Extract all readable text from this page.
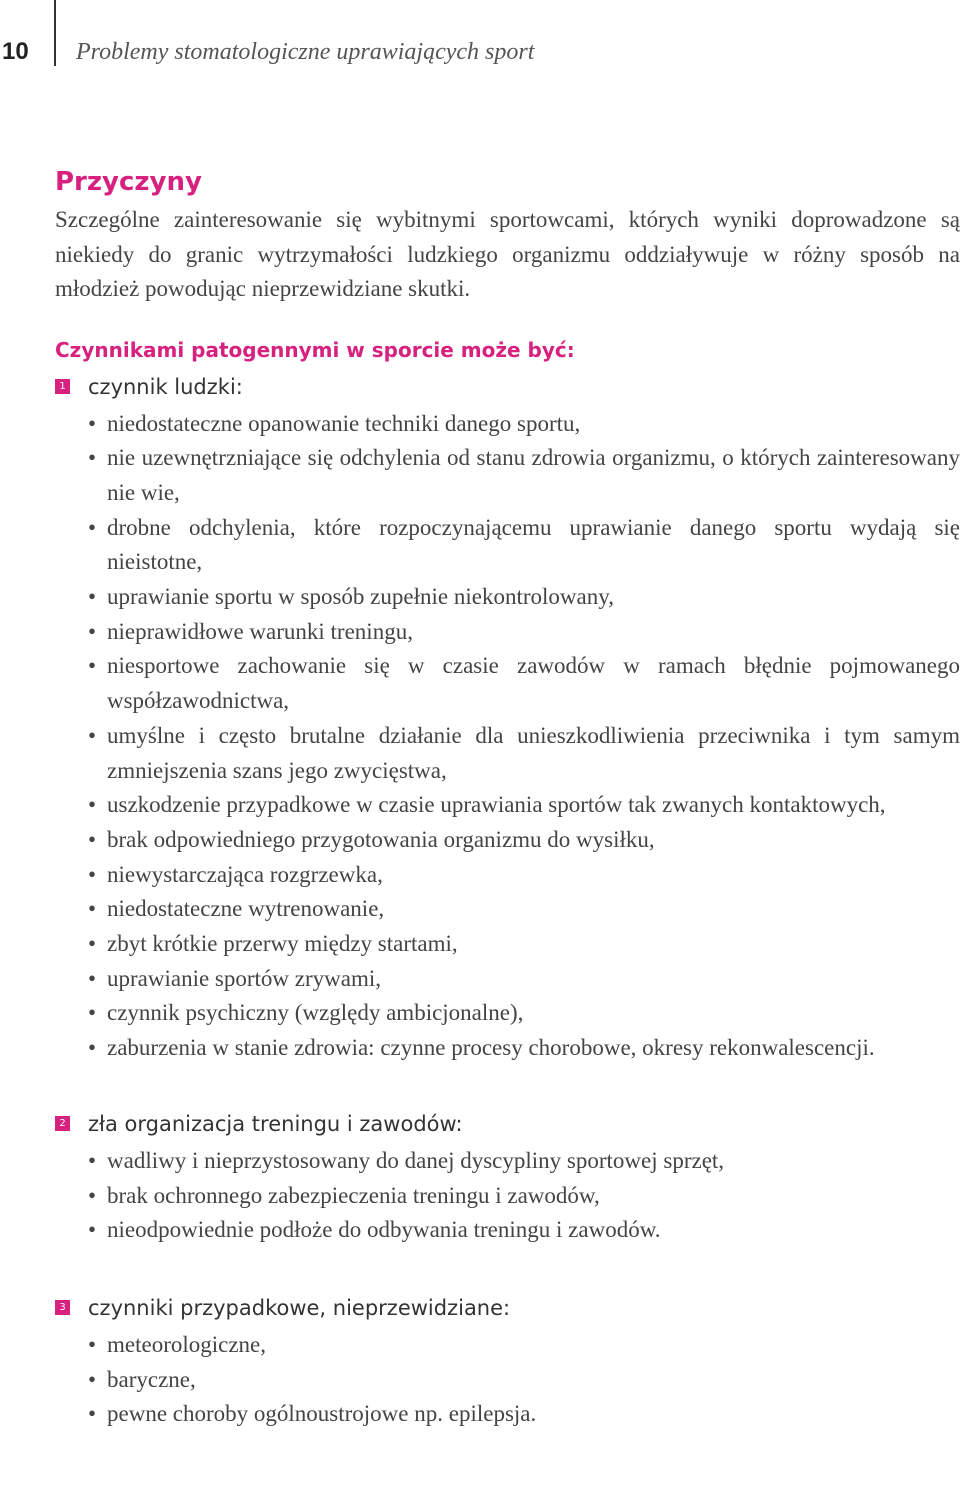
10 Problemy stomatologiczne uprawiających sport
Przyczyny

Szczególne zainteresowanie się wybitnymi sportowcami, których wyniki doprowadzone są niekiedy do granic wytrzymałości ludzkiego organizmu oddziaływuje w różny sposób na młodzież powodując nieprzewidziane skutki.

Czynnikami patogennymi w sporcie może być:
1 czynnik ludzki:
• niedostateczne opanowanie techniki danego sportu,
• nie uzewnętrzniające się odchylenia od stanu zdrowia organizmu, o których zainteresowany nie wie,
• drobne odchylenia, które rozpoczynającemu uprawianie danego sportu wydają się nieistotne,
• uprawianie sportu w sposób zupełnie niekontrolowany,
• nieprawidłowe warunki treningu,
• niesportowe zachowanie się w czasie zawodów w ramach błędnie pojmowanego współzawodnictwa,
• umyślne i często brutalne działanie dla unieszkodliwienia przeciwnika i tym samym zmniejszenia szans jego zwycięstwa,
• uszkodzenie przypadkowe w czasie uprawiania sportów tak zwanych kontaktowych,
• brak odpowiedniego przygotowania organizmu do wysiłku,
• niewystarczająca rozgrzewka,
• niedostateczne wytrenowanie,
• zbyt krótkie przerwy między startami,
• uprawianie sportów zrywami,
• czynnik psychiczny (względy ambicjonalne),
• zaburzenia w stanie zdrowia: czynne procesy chorobowe, okresy rekonwalescencji.
2 zła organizacja treningu i zawodów:
• wadliwy i nieprzystosowany do danej dyscypliny sportowej sprzęt,
• brak ochronnego zabezpieczenia treningu i zawodów,
• nieodpowiednie podłoże do odbywania treningu i zawodów.
3 czynniki przypadkowe, nieprzewidziane:
• meteorologiczne,
• baryczne,
• pewne choroby ogólnoustrojowe np. epilepsja.
